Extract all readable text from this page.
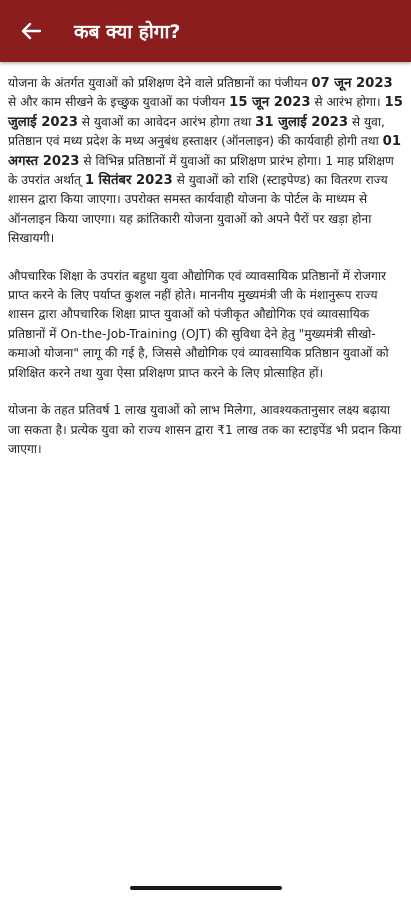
कब क्या होगा?

योजना के अंतर्गत युवाओं को प्रशिक्षण देने वाले प्रतिष्ठानों का पंजीयन 07 जून 2023 से और काम सीखने के इच्छुक युवाओं का पंजीयन 15 जून 2023 से आरंभ होगा। 15 जुलाई 2023 से युवाओं का आवेदन आरंभ होगा तथा 31 जुलाई 2023 से युवा, प्रतिष्ठान एवं मध्य प्रदेश के मध्य अनुबंध हस्ताक्षर (ऑनलाइन) की कार्यवाही होगी तथा 01 अगस्त 2023 से विभिन्न प्रतिष्ठानों में युवाओं का प्रशिक्षण प्रारंभ होगा। 1 माह प्रशिक्षण के उपरांत अर्थात् 1 सितंबर 2023 से युवाओं को राशि (स्टाइपेण्ड) का वितरण राज्य शासन द्वारा किया जाएगा। उपरोक्त समस्त कार्यवाही योजना के पोर्टल के माध्यम से ऑनलाइन किया जाएगा। यह क्रांतिकारी योजना युवाओं को अपने पैरों पर खड़ा होना सिखायगी।

औपचारिक शिक्षा के उपरांत बहुधा युवा औद्योगिक एवं व्यावसायिक प्रतिष्ठानों में रोजगार प्राप्त करने के लिए पर्याप्त कुशल नहीं होते। माननीय मुख्यमंत्री जी के मंशानुरूप राज्य शासन द्वारा औपचारिक शिक्षा प्राप्त युवाओं को पंजीकृत औद्योगिक एवं व्यावसायिक प्रतिष्ठानों में On-the-Job-Training (OJT) की सुविधा देने हेतु "मुख्यमंत्री सीखो-कमाओ योजना" लागू की गई है, जिससे औद्योगिक एवं व्यावसायिक प्रतिष्ठान युवाओं को प्रशिक्षित करने तथा युवा ऐसा प्रशिक्षण प्राप्त करने के लिए प्रोत्साहित हों।

योजना के तहत प्रतिवर्ष 1 लाख युवाओं को लाभ मिलेगा, आवश्यकतानुसार लक्ष्य बढ़ाया जा सकता है। प्रत्येक युवा को राज्य शासन द्वारा ₹1 लाख तक का स्टाइपेंड भी प्रदान किया जाएगा।
